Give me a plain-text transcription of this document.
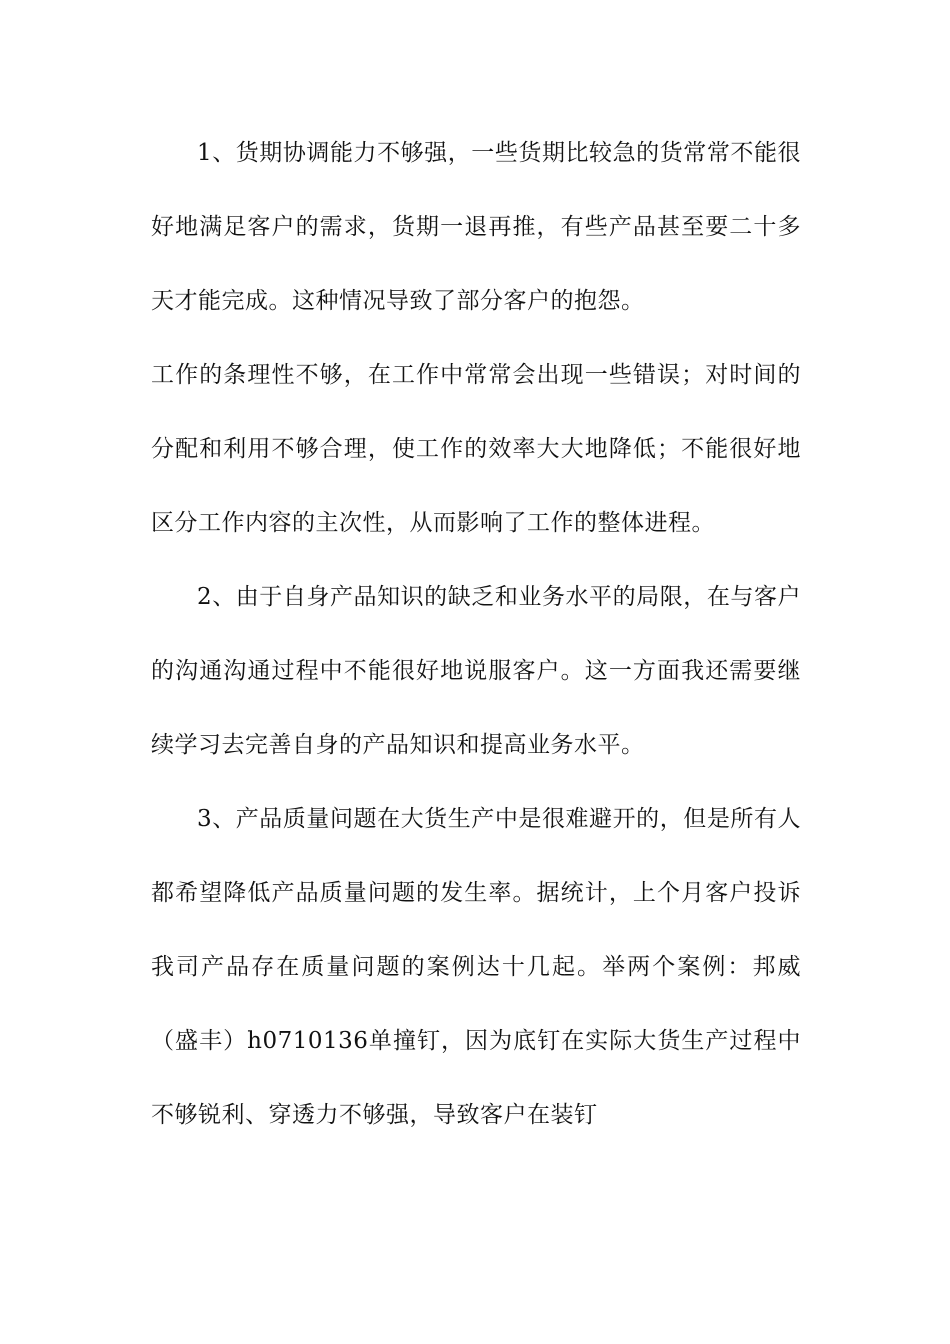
1、货期协调能力不够强，一些货期比较急的货常常不能很好地满足客户的需求，货期一退再推，有些产品甚至要二十多天才能完成。这种情况导致了部分客户的抱怨。

工作的条理性不够，在工作中常常会出现一些错误；对时间的分配和利用不够合理，使工作的效率大大地降低；不能很好地区分工作内容的主次性，从而影响了工作的整体进程。

2、由于自身产品知识的缺乏和业务水平的局限，在与客户的沟通沟通过程中不能很好地说服客户。这一方面我还需要继续学习去完善自身的产品知识和提高业务水平。

3、产品质量问题在大货生产中是很难避开的，但是所有人都希望降低产品质量问题的发生率。据统计，上个月客户投诉我司产品存在质量问题的案例达十几起。举两个案例：邦威（盛丰）h0710136单撞钉，因为底钉在实际大货生产过程中不够锐利、穿透力不够强，导致客户在装钉
